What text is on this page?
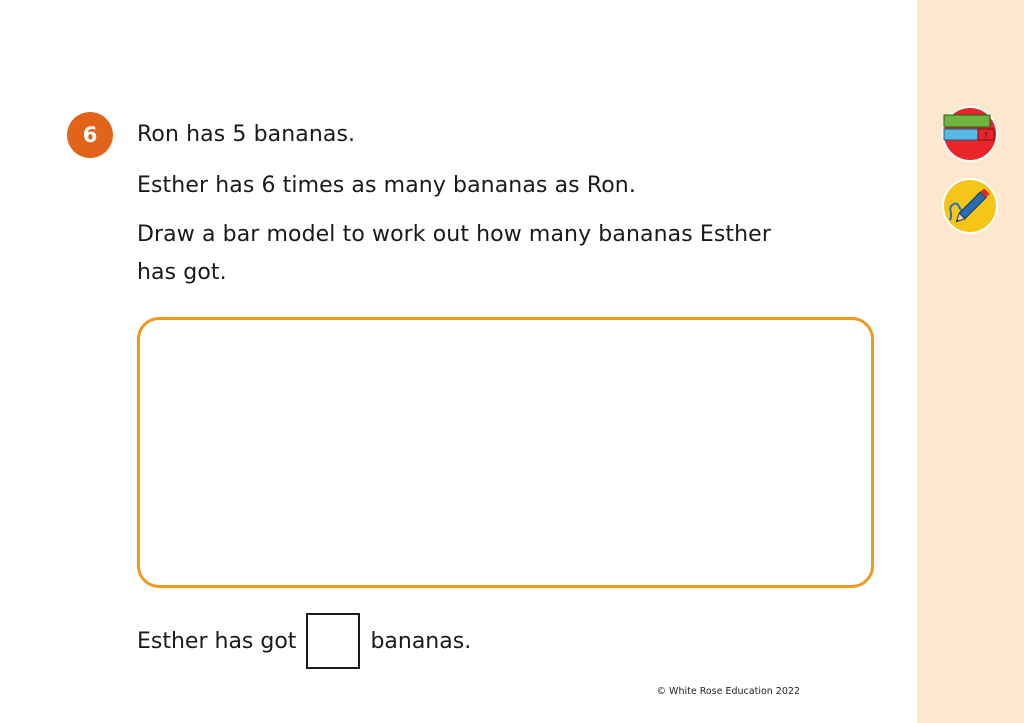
6	Ron has 5 bananas.
Esther has 6 times as many bananas as Ron.
Draw a bar model to work out how many bananas Esther
has got.
Esther has got	bananas.
© White Rose Education 2022
?
